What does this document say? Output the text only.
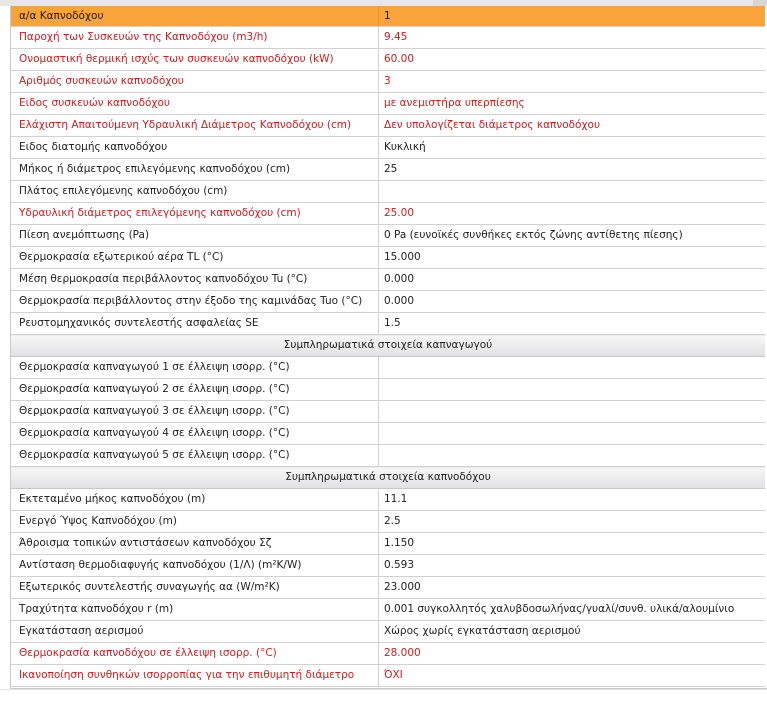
α/α Καπνοδόχου	1
Παροχή των Συσκευών της Καπνοδόχου (m3/h)	9.45
Ονομαστική θερμική ισχύς των συσκευών καπνοδόχου (kW)	60.00
Αριθμός συσκευών καπνοδόχου	3
Ειδος συσκευών καπνοδόχου	με ανεμιστήρα υπερπίεσης
Ελάχιστη Απαιτούμενη Υδραυλική Διάμετρος Καπνοδόχου (cm)	Δεν υπολογίζεται διάμετρος καπνοδόχου
Ειδος διατομής καπνοδόχου	Κυκλική
Μήκος ή διάμετρος επιλεγόμενης καπνοδόχου (cm)	25
Πλάτος επιλεγόμενης καπνοδόχου (cm)	
Υδραυλική διάμετρος επιλεγόμενης καπνοδόχου (cm)	25.00
Πίεση ανεμόπτωσης (Pa)	0 Pa (ευνοϊκές συνθήκες εκτός ζώνης αντίθετης πίεσης)
Θερμοκρασία εξωτερικού αέρα TL (°C)	15.000
Μέση θερμοκρασία περιβάλλοντος καπνοδόχου Tu (°C)	0.000
Θερμοκρασία περιβάλλοντος στην έξοδο της καμινάδας Tuo (°C)	0.000
Ρευστομηχανικός συντελεστής ασφαλείας SE	1.5
Συμπληρωματικά στοιχεία καπναγωγού	
Θερμοκρασία καπναγωγού 1 σε έλλειψη ισορρ. (°C)	
Θερμοκρασία καπναγωγού 2 σε έλλειψη ισορρ. (°C)	
Θερμοκρασία καπναγωγού 3 σε έλλειψη ισορρ. (°C)	
Θερμοκρασία καπναγωγού 4 σε έλλειψη ισορρ. (°C)	
Θερμοκρασία καπναγωγού 5 σε έλλειψη ισορρ. (°C)	
Συμπληρωματικά στοιχεία καπνοδόχου	
Εκτεταμένο μήκος καπνοδόχου (m)	11.1
Ενεργό Ύψος Καπνοδόχου (m)	2.5
Άθροισμα τοπικών αντιστάσεων καπνοδόχου Σζ	1.150
Αντίσταση θερμοδιαφυγής καπνοδόχου (1/Λ) (m²K/W)	0.593
Εξωτερικός συντελεστής συναγωγής αα (W/m²K)	23.000
Τραχύτητα καπνοδόχου r (m)	0.001 συγκολλητός χαλυβδοσωλήνας/γυαλί/συνθ. υλικά/αλουμίνιο
Εγκατάσταση αερισμού	Χώρος χωρίς εγκατάσταση αερισμού
Θερμοκρασία καπνοδόχου σε έλλειψη ισορρ. (°C)	28.000
Ικανοποίηση συνθηκών ισορροπίας για την επιθυμητή διάμετρο	ΌΧΙ
